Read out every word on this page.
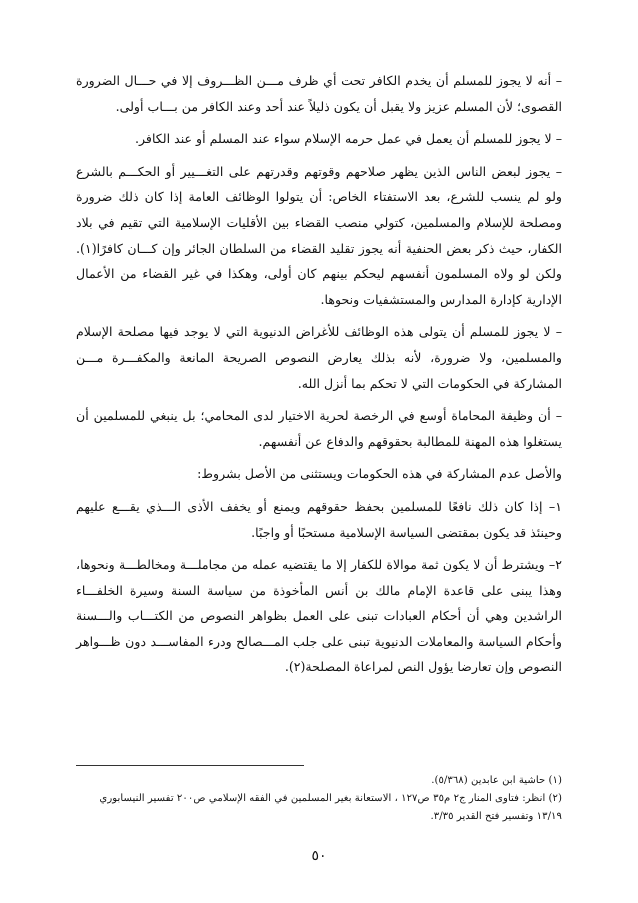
– أنه لا يجوز للمسلم أن يخدم الكافر تحت أي ظرف مـــن الظـــروف إلا في حـــال الضرورة القصوى؛ لأن المسلم عزيز ولا يقبل أن يكون ذليلاً عند أحد وعند الكافر من بـــاب أولى.

– لا يجوز للمسلم أن يعمل في عمل حرمه الإسلام سواء عند المسلم أو عند الكافر.

– يجوز لبعض الناس الذين يظهر صلاحهم وقوتهم وقدرتهم على التغـــيير أو الحكـــم بالشرع ولو لم ينسب للشرع، بعد الاستفتاء الخاص: أن يتولوا الوظائف العامة إذا كان ذلك ضرورة ومصلحة للإسلام والمسلمين، كتولي منصب القضاء بين الأقليات الإسلامية التي تقيم في بلاد الكفار، حيث ذكر بعض الحنفية أنه يجوز تقليد القضاء من السلطان الجائر وإن كـــان كافرًا(١). ولكن لو ولاه المسلمون أنفسهم ليحكم بينهم كان أولى، وهكذا في غير القضاء من الأعمال الإدارية كإدارة المدارس والمستشفيات ونحوها.

– لا يجوز للمسلم أن يتولى هذه الوظائف للأغراض الدنيوية التي لا يوجد فيها مصلحة الإسلام والمسلمين، ولا ضرورة، لأنه بذلك يعارض النصوص الصريحة المانعة والمكفـــرة مـــن المشاركة في الحكومات التي لا تحكم بما أنزل الله.

– أن وظيفة المحاماة أوسع في الرخصة لحرية الاختيار لدى المحامي؛ بل ينبغي للمسلمين أن يستغلوا هذه المهنة للمطالبة بحقوقهم والدفاع عن أنفسهم.

والأصل عدم المشاركة في هذه الحكومات ويستثنى من الأصل بشروط:

١– إذا كان ذلك نافعًا للمسلمين بحفظ حقوقهم ويمنع أو يخفف الأذى الـــذي يقـــع عليهم وحينئذ قد يكون بمقتضى السياسة الإسلامية مستحبًا أو واجبًا.

٢– ويشترط أن لا يكون ثمة موالاة للكفار إلا ما يقتضيه عمله من مجاملـــة ومخالطـــة ونحوها، وهذا يبنى على قاعدة الإمام مالك بن أنس المأخوذة من سياسة السنة وسيرة الخلفـــاء الراشدين وهي أن أحكام العبادات تبنى على العمل بظواهر النصوص من الكتـــاب والـــسنة وأحكام السياسة والمعاملات الدنيوية تبنى على جلب المـــصالح ودرء المفاســـد دون ظـــواهر النصوص وإن تعارضا يؤول النص لمراعاة المصلحة(٢).

(١) حاشية ابن عابدين (٥/٣٦٨).

(٢) انظر: فتاوى المنار ج٢ م٣٥ ص١٢٧ ، الاستعانة بغير المسلمين في الفقه الإسلامي ص٢٠٠ تفسير النيسابوري ١٣/١٩ وتفسير فتح القدير ٣/٣٥.

٥٠
